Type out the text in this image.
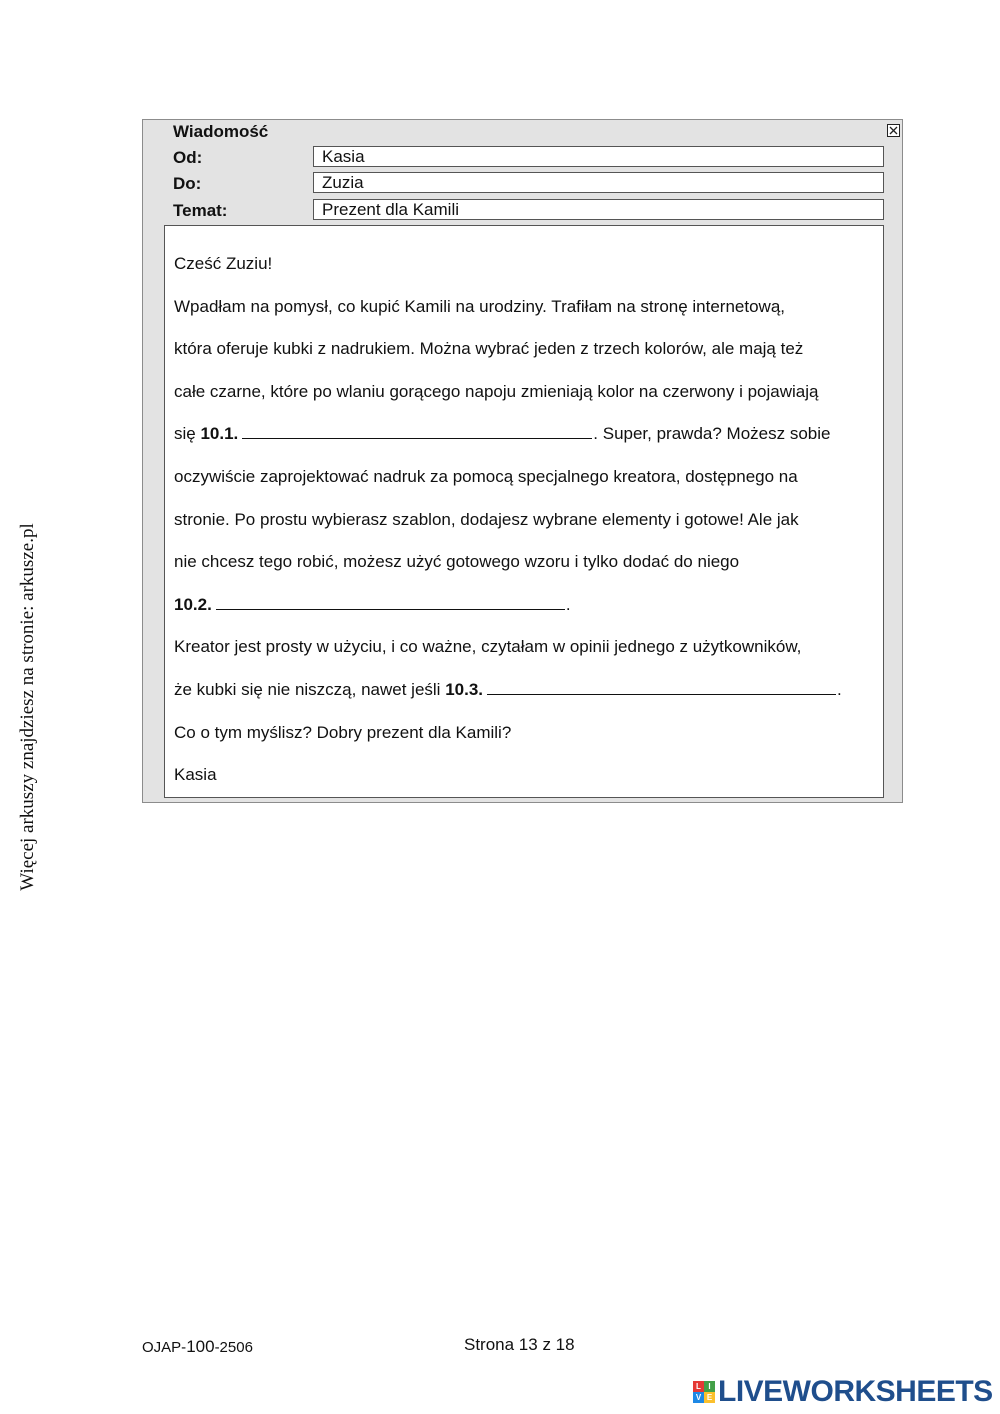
Więcej arkuszy znajdziesz na stronie: arkusze.pl
Wiadomość
Od:	Kasia
Do:	Zuzia
Temat:	Prezent dla Kamili
Cześć Zuziu!
Wpadłam na pomysł, co kupić Kamili na urodziny. Trafiłam na stronę internetową,
która oferuje kubki z nadrukiem. Można wybrać jeden z trzech kolorów, ale mają też
całe czarne, które po wlaniu gorącego napoju zmieniają kolor na czerwony i pojawiają
się 10.1.	. Super, prawda? Możesz sobie
oczywiście zaprojektować nadruk za pomocą specjalnego kreatora, dostępnego na
stronie. Po prostu wybierasz szablon, dodajesz wybrane elementy i gotowe! Ale jak
nie chcesz tego robić, możesz użyć gotowego wzoru i tylko dodać do niego
10.2.	.
Kreator jest prosty w użyciu, i co ważne, czytałam w opinii jednego z użytkowników,
że kubki się nie niszczą, nawet jeśli 10.3.	.
Co o tym myślisz? Dobry prezent dla Kamili?
Kasia
OJAP-100-2506	Strona 13 z 18
L I
V E LIVEWORKSHEETS
